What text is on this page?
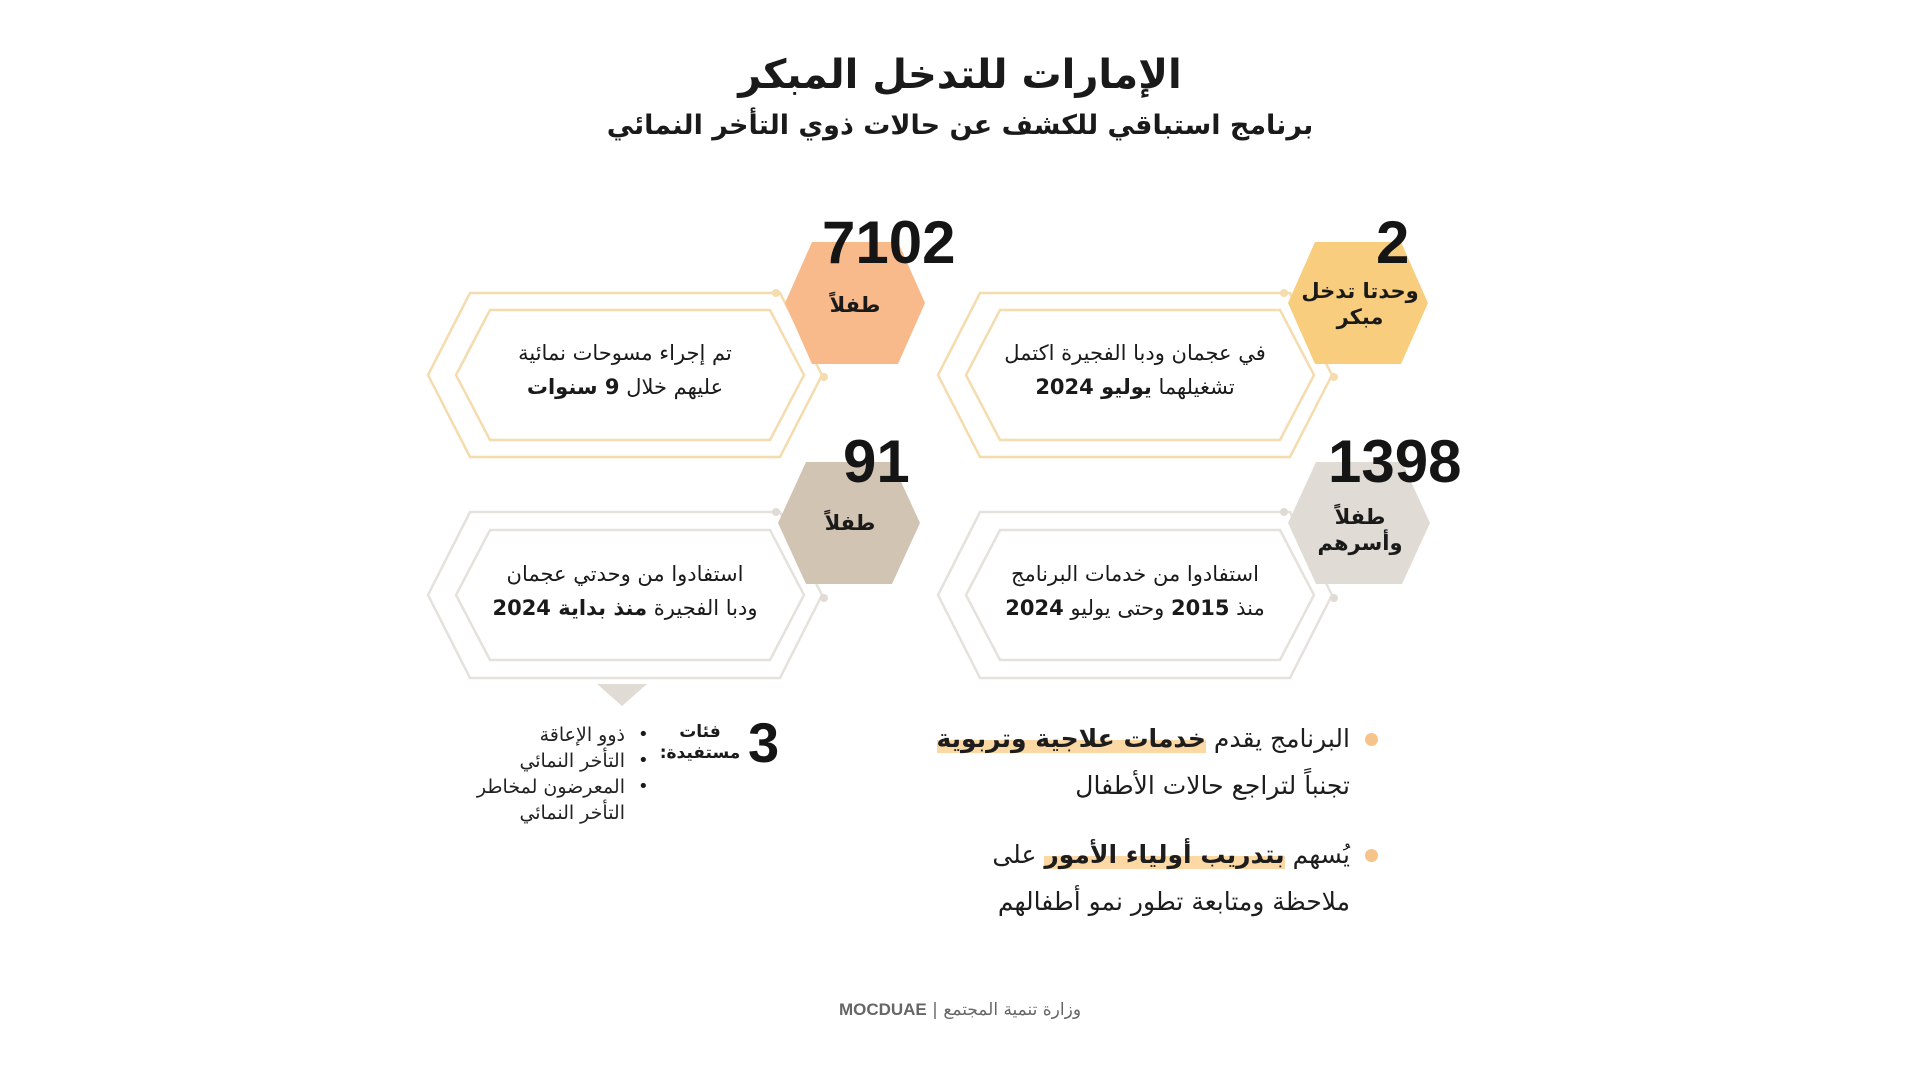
الإمارات للتدخل المبكر
برنامج استباقي للكشف عن حالات ذوي التأخر النمائي
7102
طفلاً
تم إجراء مسوحات نمائية
عليهم خلال 9 سنوات
2
وحدتا تدخل مبكر
في عجمان ودبا الفجيرة اكتمل
تشغيلهما يوليو 2024
91
طفلاً
استفادوا من وحدتي عجمان
ودبا الفجيرة منذ بداية 2024
1398
طفلاً
وأسرهم
استفادوا من خدمات البرنامج
منذ 2015 وحتى يوليو 2024
3
فئات
مستفيدة:
•
•
•
ذوو الإعاقة
التأخر النمائي
المعرضون لمخاطر التأخر النمائي
البرنامج يقدم خدمات علاجية وتربوية
تجنباً لتراجع حالات الأطفال
يُسهم بتدريب أولياء الأمور على
ملاحظة ومتابعة تطور نمو أطفالهم
وزارة تنمية المجتمع | MOCDUAE
